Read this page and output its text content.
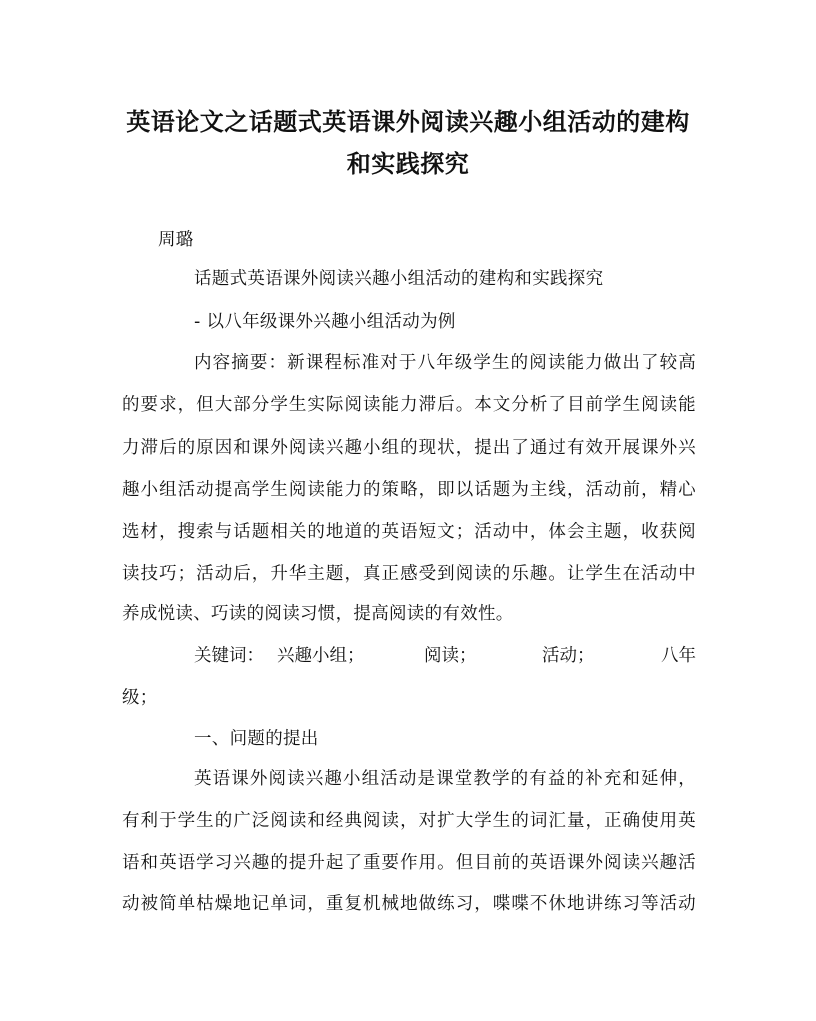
英语论文之话题式英语课外阅读兴趣小组活动的建构
和实践探究
周璐
话题式英语课外阅读兴趣小组活动的建构和实践探究
- 以八年级课外兴趣小组活动为例
内容摘要：新课程标准对于八年级学生的阅读能力做出了较高
的要求，但大部分学生实际阅读能力滞后。本文分析了目前学生阅读能
力滞后的原因和课外阅读兴趣小组的现状，提出了通过有效开展课外兴
趣小组活动提高学生阅读能力的策略，即以话题为主线，活动前，精心
选材，搜索与话题相关的地道的英语短文；活动中，体会主题，收获阅
读技巧；活动后，升华主题，真正感受到阅读的乐趣。让学生在活动中
养成悦读、巧读的阅读习惯，提高阅读的有效性。
关键词： 兴趣小组；	阅读；	活动；	八年
级；
一、问题的提出
英语课外阅读兴趣小组活动是课堂教学的有益的补充和延伸，
有利于学生的广泛阅读和经典阅读，对扩大学生的词汇量，正确使用英
语和英语学习兴趣的提升起了重要作用。但目前的英语课外阅读兴趣活
动被简单枯燥地记单词，重复机械地做练习，喋喋不休地讲练习等活动
